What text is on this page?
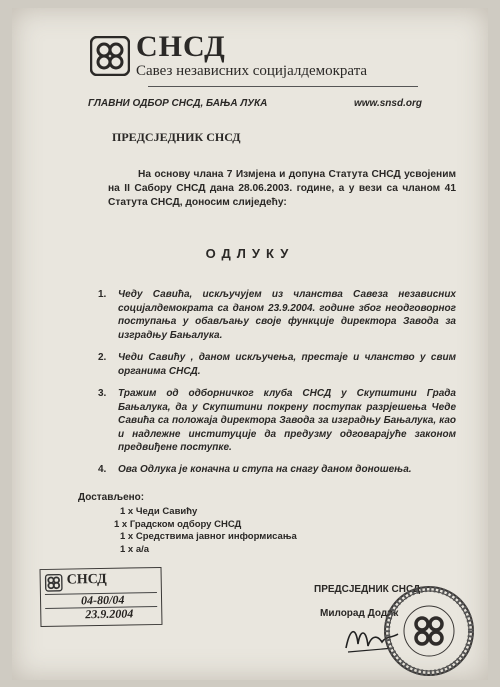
СНСД
Савез независних социјалдемократа
ГЛАВНИ ОДБОР СНСД, БАЊА ЛУКА	www.snsd.org
ПРЕДСЈЕДНИК СНСД
На основу члана 7 Измјена и допуна Статута СНСД усвојеним на II Сабору СНСД дана 28.06.2003. године, а у вези са чланом 41 Статута СНСД, доносим слиједећу:
ОДЛУКУ
1. Чеду Савића, искључујем из чланства Савеза независних социјалдемократа са даном 23.9.2004. године због неодговорног поступања у обављању своје функције директора Завода за изградњу Бањалука.
2. Чеди Савићу , даном искључења, престаје и чланство у свим органима СНСД.
3. Тражим од одборничког клуба СНСД у Скупштини Града Бањалука, да у Скупштини покрену поступак разрјешења Чеде Савића са положаја директора Завода за изградњу Бањалука, као и надлежне институције да предузму одговарајуће законом предвиђене поступке.
4. Ова Одлука је коначна и ступа на снагу даном доношења.
Достављено:
1 x Чеди Савићу
1 x Градском одбору СНСД
1 x Средствима јавног информисања
1 x а/а
СНСД
04-80/04
23.9.2004
ПРЕДСЈЕДНИК СНСД
Милорад Додик
